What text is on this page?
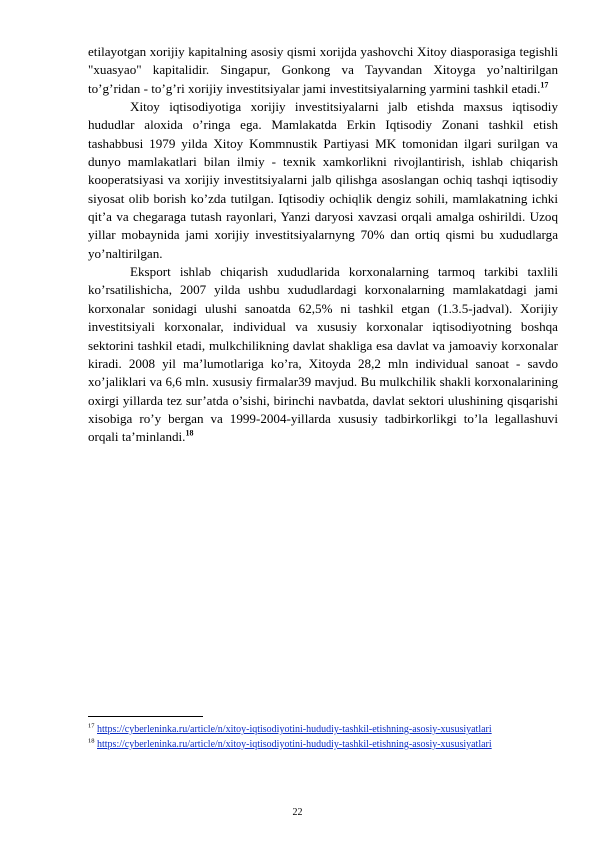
etilayotgan xorijiy kapitalning asosiy qismi xorijda yashovchi Xitoy diasporasiga tegishli "xuasyao" kapitalidir. Singapur, Gonkong va Tayvandan Xitoyga yo’naltirilgan to’g’ridan - to’g’ri xorijiy investitsiyalar jami investitsiyalarning yarmini tashkil etadi.$^{17}$

Xitoy iqtisodiyotiga xorijiy investitsiyalarni jalb etishda maxsus iqtisodiy hududlar aloxida o’ringa ega. Mamlakatda Erkin Iqtisodiy Zonani tashkil etish tashabbusi 1979 yilda Xitoy Kommnustik Partiyasi MK tomonidan ilgari surilgan va dunyo mamlakatlari bilan ilmiy - texnik xamkorlikni rivojlantirish, ishlab chiqarish kooperatsiyasi va xorijiy investitsiyalarni jalb qilishga asoslangan ochiq tashqi iqtisodiy siyosat olib borish ko’zda tutilgan. Iqtisodiy ochiqlik dengiz sohili, mamlakatning ichki qit’a va chegaraga tutash rayonlari, Yanzi daryosi xavzasi orqali amalga oshirildi. Uzoq yillar mobaynida jami xorijiy investitsiyalarnyng 70% dan ortiq qismi bu xududlarga yo’naltirilgan.

Eksport ishlab chiqarish xududlarida korxonalarning tarmoq tarkibi taxlili ko’rsatilishicha, 2007 yilda ushbu xududlardagi korxonalarning mamlakatdagi jami korxonalar sonidagi ulushi sanoatda 62,5% ni tashkil etgan (1.3.5-jadval). Xorijiy investitsiyali korxonalar, individual va xususiy korxonalar iqtisodiyotning boshqa sektorini tashkil etadi, mulkchilikning davlat shakliga esa davlat va jamoaviy korxonalar kiradi. 2008 yil ma’lumotlariga ko’ra, Xitoyda 28,2 mln individual sanoat - savdo xo’jaliklari va 6,6 mln. xususiy firmalar39 mavjud. Bu mulkchilik shakli korxonalarining oxirgi yillarda tez sur’atda o’sishi, birinchi navbatda, davlat sektori ulushining qisqarishi xisobiga ro’y bergan va 1999-2004-yillarda xususiy tadbirkorlikgi to’la legallashuvi orqali ta’minlandi.$^{18}$

$^{17}$ https://cyberleninka.ru/article/n/xitoy-iqtisodiyotini-hududiy-tashkil-etishning-asosiy-xususiyatlari

$^{18}$ https://cyberleninka.ru/article/n/xitoy-iqtisodiyotini-hududiy-tashkil-etishning-asosiy-xususiyatlari

22
